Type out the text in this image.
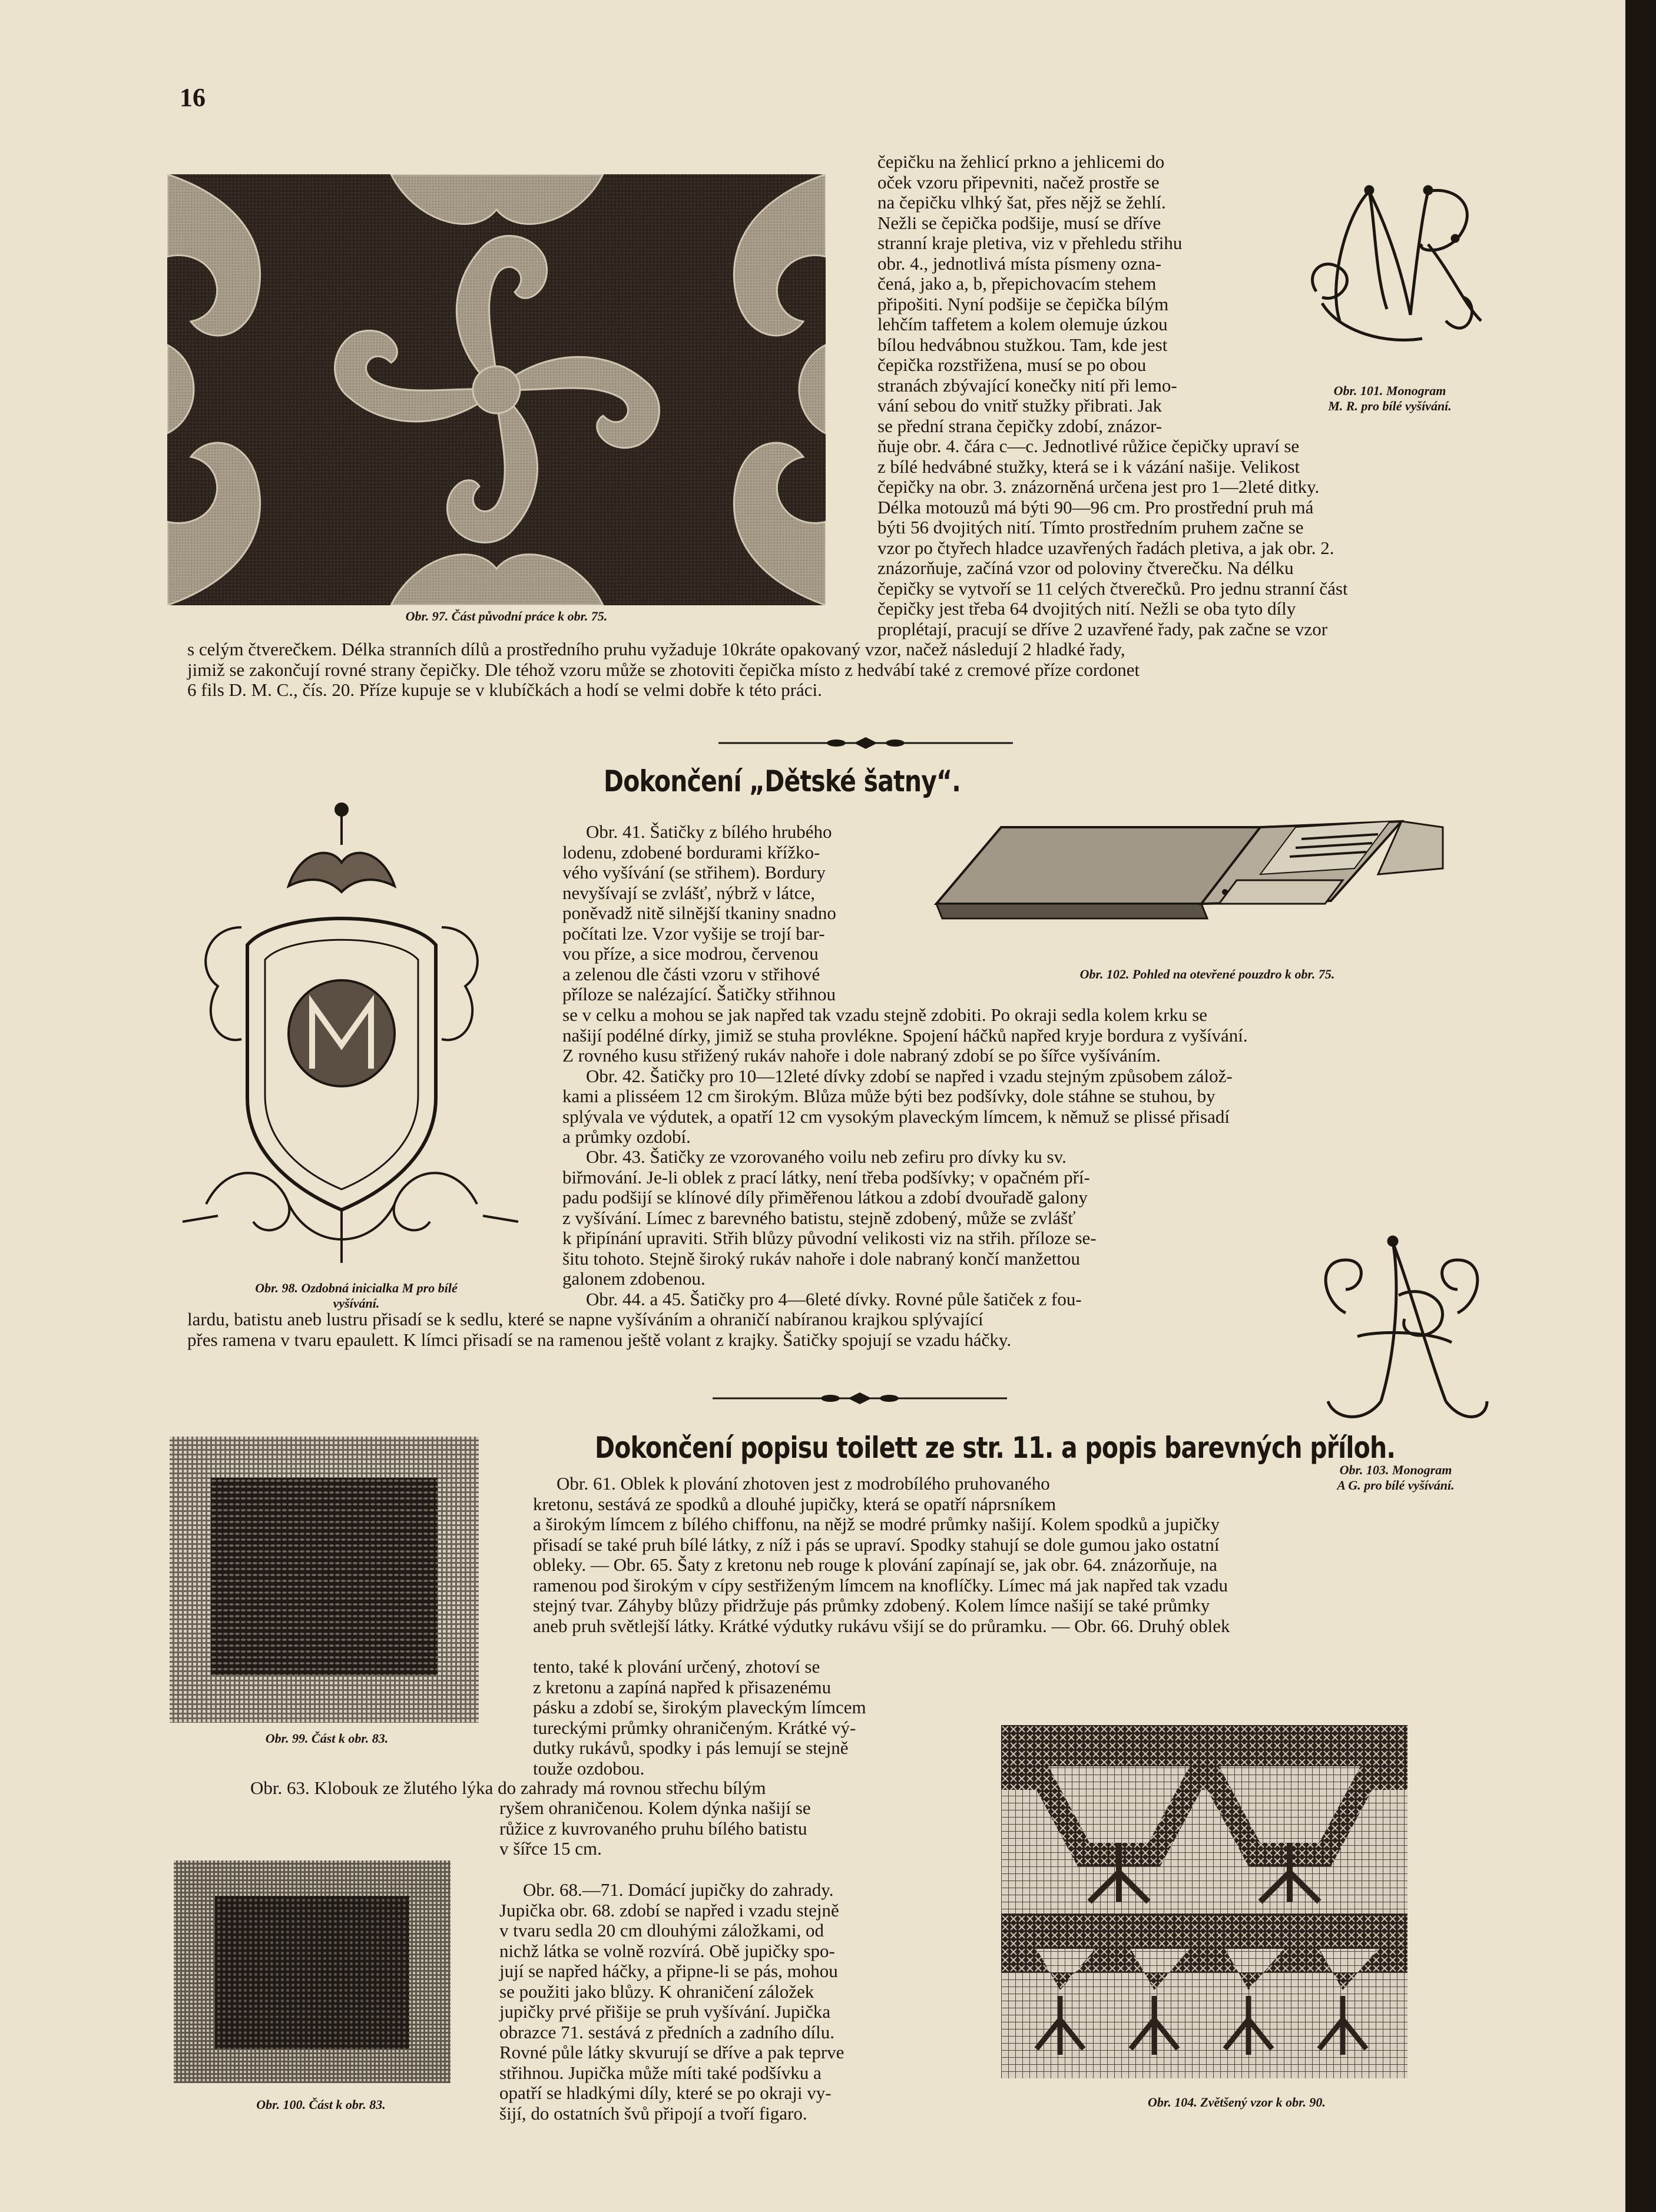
16
Obr. 97. Část původní práce k obr. 75.
Obr. 101. Monogram
M. R. pro bílé vyšívání.
čepičku na žehlicí prkno a jehlicemi do
oček vzoru připevniti, načež prostře se
na čepičku vlhký šat, přes nějž se žehlí.
Nežli se čepička podšije, musí se dříve
stranní kraje pletiva, viz v přehledu střihu
obr. 4., jednotlivá místa písmeny ozna-
čená, jako a, b, přepichovacím stehem
připošiti. Nyní podšije se čepička bílým
lehčím taffetem a kolem olemuje úzkou
bílou hedvábnou stužkou. Tam, kde jest
čepička rozstřižena, musí se po obou
stranách zbývající konečky nití při lemo-
vání sebou do vnitř stužky přibrati. Jak
se přední strana čepičky zdobí, znázor-
ňuje obr. 4. čára c—c. Jednotlivé růžice čepičky upraví se
z bílé hedvábné stužky, která se i k vázání našije. Velikost
čepičky na obr. 3. znázorněná určena jest pro 1—2leté ditky.
Délka motouzů má býti 90—96 cm. Pro prostřední pruh má
býti 56 dvojitých nití. Tímto prostředním pruhem začne se
vzor po čtyřech hladce uzavřených řadách pletiva, a jak obr. 2.
znázorňuje, začíná vzor od poloviny čtverečku. Na délku
čepičky se vytvoří se 11 celých čtverečků. Pro jednu stranní část
čepičky jest třeba 64 dvojitých nití. Nežli se oba tyto díly
proplétají, pracují se dříve 2 uzavřené řady, pak začne se vzor
s celým čtverečkem. Délka stranních dílů a prostředního pruhu vyžaduje 10kráte opakovaný vzor, načež následují 2 hladké řady,
jimiž se zakončují rovné strany čepičky. Dle téhož vzoru může se zhotoviti čepička místo z hedvábí také z cremové příze cordonet
6 fils D. M. C., čís. 20. Příze kupuje se v klubíčkách a hodí se velmi dobře k této práci.
Dokončení „Dětské šatny“.
Obr. 98. Ozdobná inicialka M pro bílé
vyšívání.
Obr. 102. Pohled na otevřené pouzdro k obr. 75.
Obr. 41. Šatičky z bílého hrubého
lodenu, zdobené bordurami křížko-
vého vyšívání (se střihem). Bordury
nevyšívají se zvlášť, nýbrž v látce,
poněvadž nitě silnější tkaniny snadno
počítati lze. Vzor vyšije se trojí bar-
vou příze, a sice modrou, červenou
a zelenou dle části vzoru v střihové
příloze se nalézající. Šatičky střihnou
se v celku a mohou se jak napřed tak vzadu stejně zdobiti. Po okraji sedla kolem krku se
našijí podélné dírky, jimiž se stuha provlékne. Spojení háčků napřed kryje bordura z vyšívání.
Z rovného kusu střižený rukáv nahoře i dole nabraný zdobí se po šířce vyšíváním.
Obr. 42. Šatičky pro 10—12leté dívky zdobí se napřed i vzadu stejným způsobem zálož-
kami a plisséem 12 cm širokým. Blůza může býti bez podšívky, dole stáhne se stuhou, by
splývala ve výdutek, a opatří 12 cm vysokým plaveckým límcem, k němuž se plissé přisadí
a průmky ozdobí.
Obr. 43. Šatičky ze vzorovaného voilu neb zefiru pro dívky ku sv.
biřmování. Je-li oblek z prací látky, není třeba podšívky; v opačném pří-
padu podšijí se klínové díly přiměřenou látkou a zdobí dvouřadě galony
z vyšívání. Límec z barevného batistu, stejně zdobený, může se zvlášť
k připínání upraviti. Střih blůzy původní velikosti viz na střih. příloze se-
šitu tohoto. Stejně široký rukáv nahoře i dole nabraný končí manžettou
galonem zdobenou.
Obr. 44. a 45. Šatičky pro 4—6leté dívky. Rovné půle šatiček z fou-
lardu, batistu aneb lustru přisadí se k sedlu, které se napne vyšíváním a ohraničí nabíranou krajkou splývající
přes ramena v tvaru epaulett. K límci přisadí se na ramenou ještě volant z krajky. Šatičky spojují se vzadu háčky.
Obr. 103. Monogram
A G. pro bílé vyšívání.
Dokončení popisu toilett ze str. 11. a popis barevných příloh.
Obr. 99. Část k obr. 83.
Obr. 100. Část k obr. 83.	Obr. 104. Zvětšený vzor k obr. 90.
Obr. 61. Oblek k plování zhotoven jest z modrobílého pruhovaného
kretonu, sestává ze spodků a dlouhé jupičky, která se opatří náprsníkem
a širokým límcem z bílého chiffonu, na nějž se modré průmky našijí. Kolem spodků a jupičky
přisadí se také pruh bílé látky, z níž i pás se upraví. Spodky stahují se dole gumou jako ostatní
obleky. — Obr. 65. Šaty z kretonu neb rouge k plování zapínají se, jak obr. 64. znázorňuje, na
ramenou pod širokým v cípy sestřiženým límcem na knoflíčky. Límec má jak napřed tak vzadu
stejný tvar. Záhyby blůzy přidržuje pás průmky zdobený. Kolem límce našijí se také průmky
aneb pruh světlejší látky. Krátké výdutky rukávu všijí se do průramku. — Obr. 66. Druhý oblek
tento, také k plování určený, zhotoví se
z kretonu a zapíná napřed k přisazenému
pásku a zdobí se, širokým plaveckým límcem
tureckými průmky ohraničeným. Krátké vý-
dutky rukávů, spodky i pás lemují se stejně
touže ozdobou.
Obr. 63. Klobouk ze žlutého lýka do zahrady má rovnou střechu bílým
ryšem ohraničenou. Kolem dýnka našijí se
růžice z kuvrovaného pruhu bílého batistu
v šířce 15 cm.
Obr. 68.—71. Domácí jupičky do zahrady.
Jupička obr. 68. zdobí se napřed i vzadu stejně
v tvaru sedla 20 cm dlouhými záložkami, od
nichž látka se volně rozvírá. Obě jupičky spo-
jují se napřed háčky, a připne-li se pás, mohou
se použiti jako blůzy. K ohraničení záložek
jupičky prvé přišije se pruh vyšívání. Jupička
obrazce 71. sestává z předních a zadního dílu.
Rovné půle látky skvurují se dříve a pak teprve
střihnou. Jupička může míti také podšívku a
opatří se hladkými díly, které se po okraji vy-
šijí, do ostatních švů připojí a tvoří figaro.
